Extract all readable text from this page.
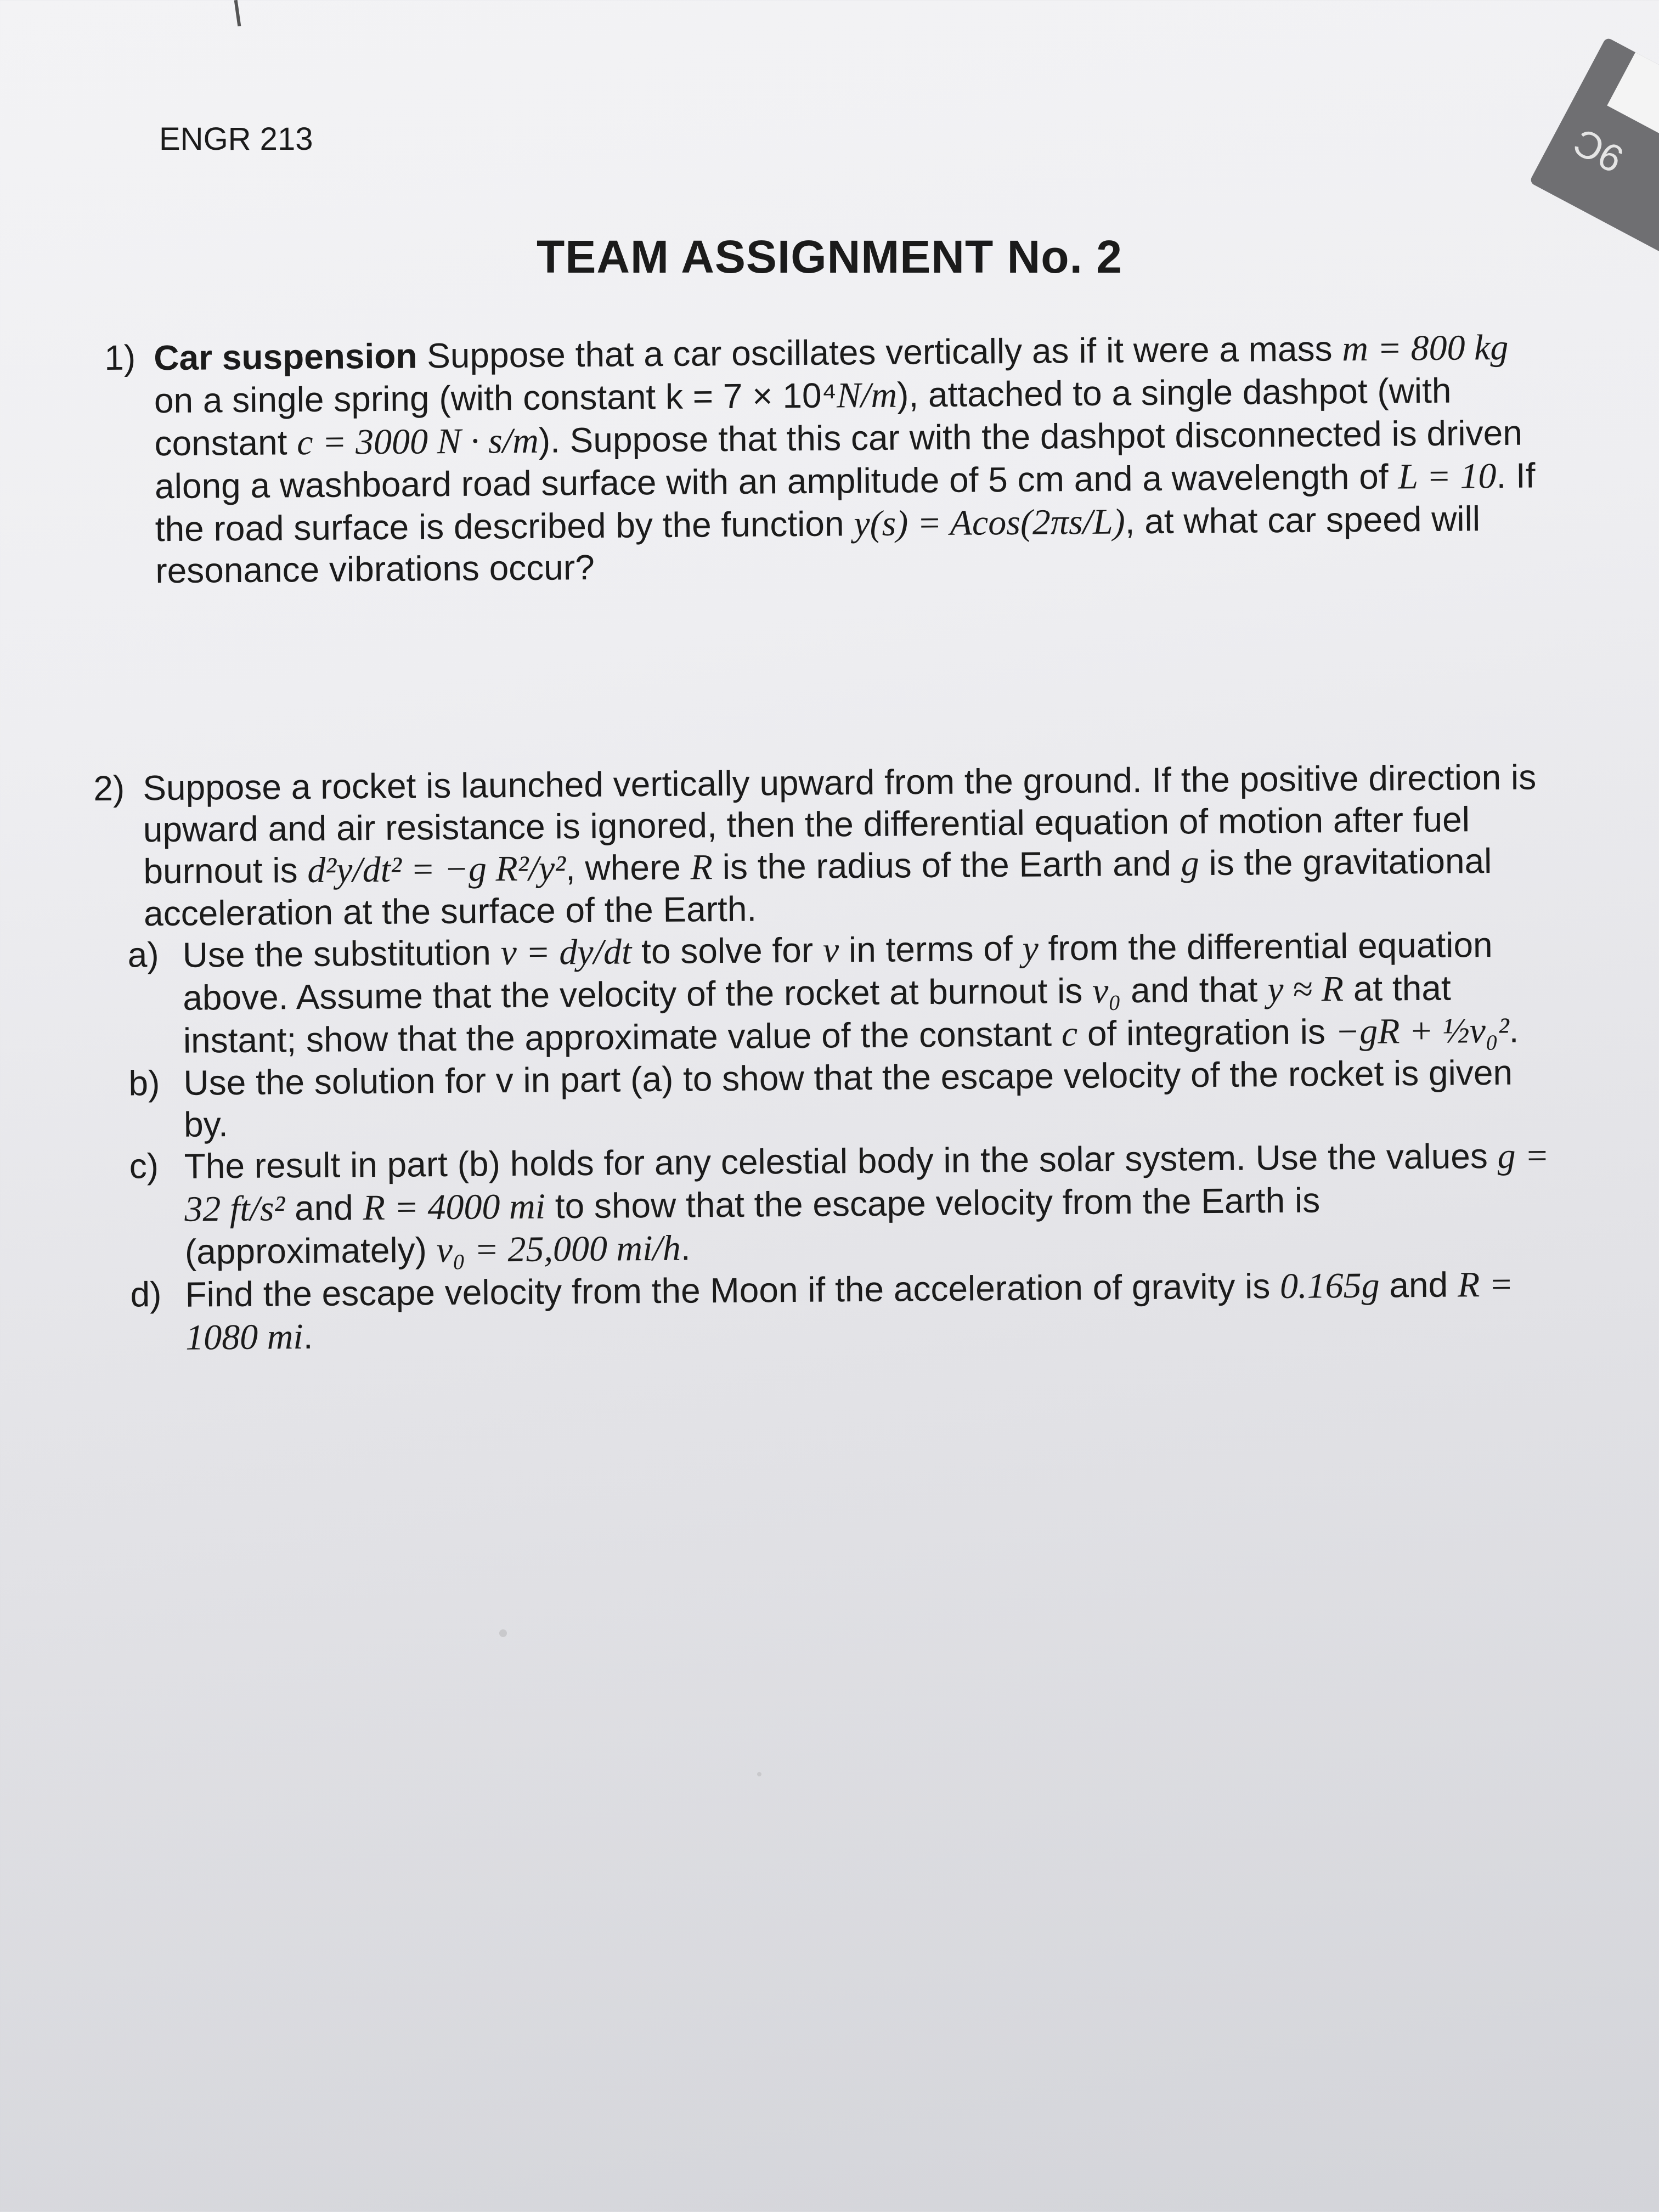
9C
ENGR 213
TEAM ASSIGNMENT No. 2
1) Car suspension Suppose that a car oscillates vertically as if it were a mass m = 800 kg on a single spring (with constant k = 7 × 10⁴N/m), attached to a single dashpot (with constant c = 3000 N · s/m). Suppose that this car with the dashpot disconnected is driven along a washboard road surface with an amplitude of 5 cm and a wavelength of L = 10. If the road surface is described by the function y(s) = Acos(2πs/L), at what car speed will resonance vibrations occur?
2) Suppose a rocket is launched vertically upward from the ground. If the positive direction is upward and air resistance is ignored, then the differential equation of motion after fuel burnout is d²y/dt² = −g R²/y², where R is the radius of the Earth and g is the gravitational acceleration at the surface of the Earth.
a) Use the substitution v = dy/dt to solve for v in terms of y from the differential equation above. Assume that the velocity of the rocket at burnout is v₀ and that y ≈ R at that instant; show that the approximate value of the constant c of integration is −gR + ½v₀².
b) Use the solution for v in part (a) to show that the escape velocity of the rocket is given by.
c) The result in part (b) holds for any celestial body in the solar system. Use the values g = 32 ft/s² and R = 4000 mi to show that the escape velocity from the Earth is (approximately) v₀ = 25,000 mi/h.
d) Find the escape velocity from the Moon if the acceleration of gravity is 0.165g and R = 1080 mi.
